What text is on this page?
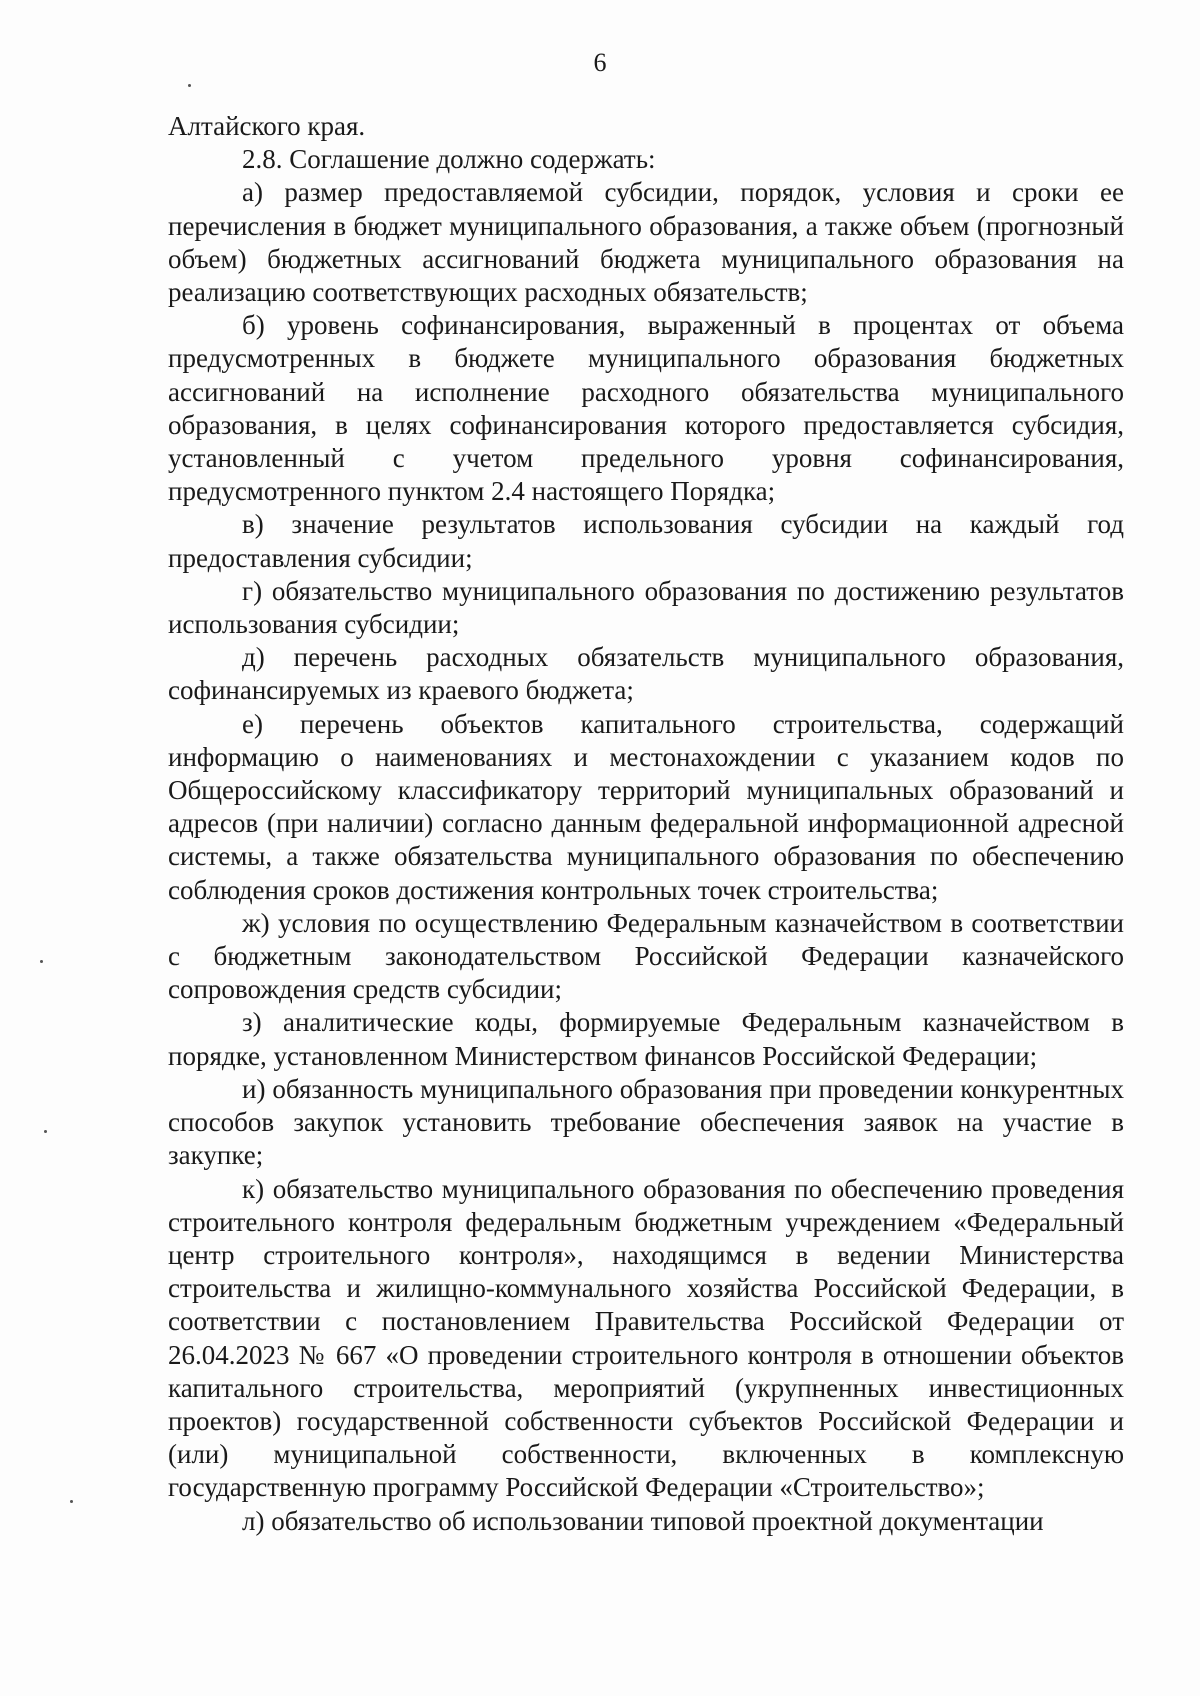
6

Алтайского края.

2.8. Соглашение должно содержать:

а) размер предоставляемой субсидии, порядок, условия и сроки ее перечисления в бюджет муниципального образования, а также объем (прогнозный объем) бюджетных ассигнований бюджета муниципального образования на реализацию соответствующих расходных обязательств;

б) уровень софинансирования, выраженный в процентах от объема предусмотренных в бюджете муниципального образования бюджетных ассигнований на исполнение расходного обязательства муниципального образования, в целях софинансирования которого предоставляется субсидия, установленный с учетом предельного уровня софинансирования, предусмотренного пунктом 2.4 настоящего Порядка;

в) значение результатов использования субсидии на каждый год предоставления субсидии;

г) обязательство муниципального образования по достижению результатов использования субсидии;

д) перечень расходных обязательств муниципального образования, софинансируемых из краевого бюджета;

е) перечень объектов капитального строительства, содержащий информацию о наименованиях и местонахождении с указанием кодов по Общероссийскому классификатору территорий муниципальных образований и адресов (при наличии) согласно данным федеральной информационной адресной системы, а также обязательства муниципального образования по обеспечению соблюдения сроков достижения контрольных точек строительства;

ж) условия по осуществлению Федеральным казначейством в соответствии с бюджетным законодательством Российской Федерации казначейского сопровождения средств субсидии;

з) аналитические коды, формируемые Федеральным казначейством в порядке, установленном Министерством финансов Российской Федерации;

и) обязанность муниципального образования при проведении конкурентных способов закупок установить требование обеспечения заявок на участие в закупке;

к) обязательство муниципального образования по обеспечению проведения строительного контроля федеральным бюджетным учреждением «Федеральный центр строительного контроля», находящимся в ведении Министерства строительства и жилищно-коммунального хозяйства Российской Федерации, в соответствии с постановлением Правительства Российской Федерации от 26.04.2023 № 667 «О проведении строительного контроля в отношении объектов капитального строительства, мероприятий (укрупненных инвестиционных проектов) государственной собственности субъектов Российской Федерации и (или) муниципальной собственности, включенных в комплексную государственную программу Российской Федерации «Строительство»;

л) обязательство об использовании типовой проектной документации
